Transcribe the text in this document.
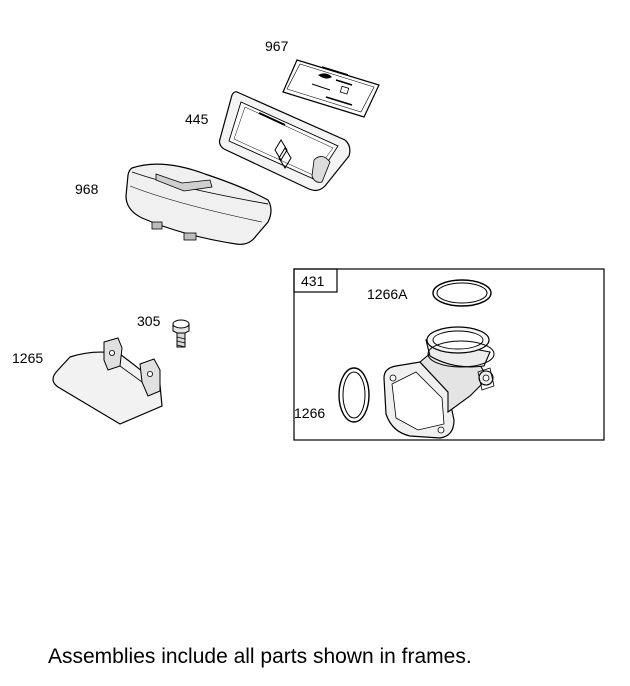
967
445
968
305
1265
431
1266A
1266
Assemblies include all parts shown in frames.
